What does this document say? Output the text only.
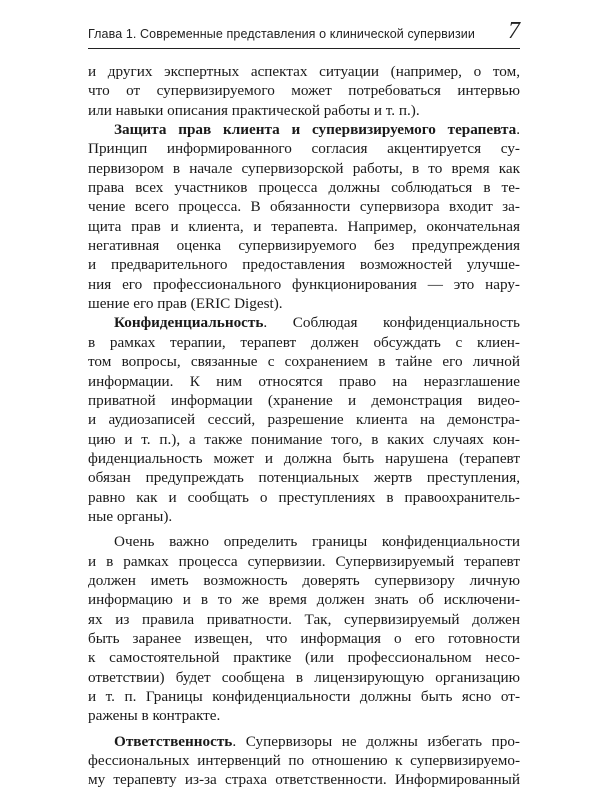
Глава 1. Современные представления о клинической супервизии 7
и других экспертных аспектах ситуации (например, о том,
что от супервизируемого может потребоваться интервью
или навыки описания практической работы и т. п.).
Защита прав клиента и супервизируемого терапевта.
Принцип информированного согласия акцентируется су-
первизором в начале супервизорской работы, в то время как
права всех участников процесса должны соблюдаться в те-
чение всего процесса. В обязанности супервизора входит за-
щита прав и клиента, и терапевта. Например, окончательная
негативная оценка супервизируемого без предупреждения
и предварительного предоставления возможностей улучше-
ния его профессионального функционирования — это нару-
шение его прав (ERIC Digest).
Конфиденциальность. Соблюдая конфиденциальность
в рамках терапии, терапевт должен обсуждать с клиен-
том вопросы, связанные с сохранением в тайне его личной
информации. К ним относятся право на неразглашение
приватной информации (хранение и демонстрация видео-
и аудиозаписей сессий, разрешение клиента на демонстра-
цию и т. п.), а также понимание того, в каких случаях кон-
фиденциальность может и должна быть нарушена (терапевт
обязан предупреждать потенциальных жертв преступления,
равно как и сообщать о преступлениях в правоохранитель-
ные органы).
Очень важно определить границы конфиденциальности
и в рамках процесса супервизии. Супервизируемый терапевт
должен иметь возможность доверять супервизору личную
информацию и в то же время должен знать об исключени-
ях из правила приватности. Так, супервизируемый должен
быть заранее извещен, что информация о его готовности
к самостоятельной практике (или профессиональном несо-
ответствии) будет сообщена в лицензирующую организацию
и т. п. Границы конфиденциальности должны быть ясно от-
ражены в контракте.
Ответственность. Супервизоры не должны избегать про-
фессиональных интервенций по отношению к супервизируемо-
му терапевту из-за страха ответственности. Информированный
